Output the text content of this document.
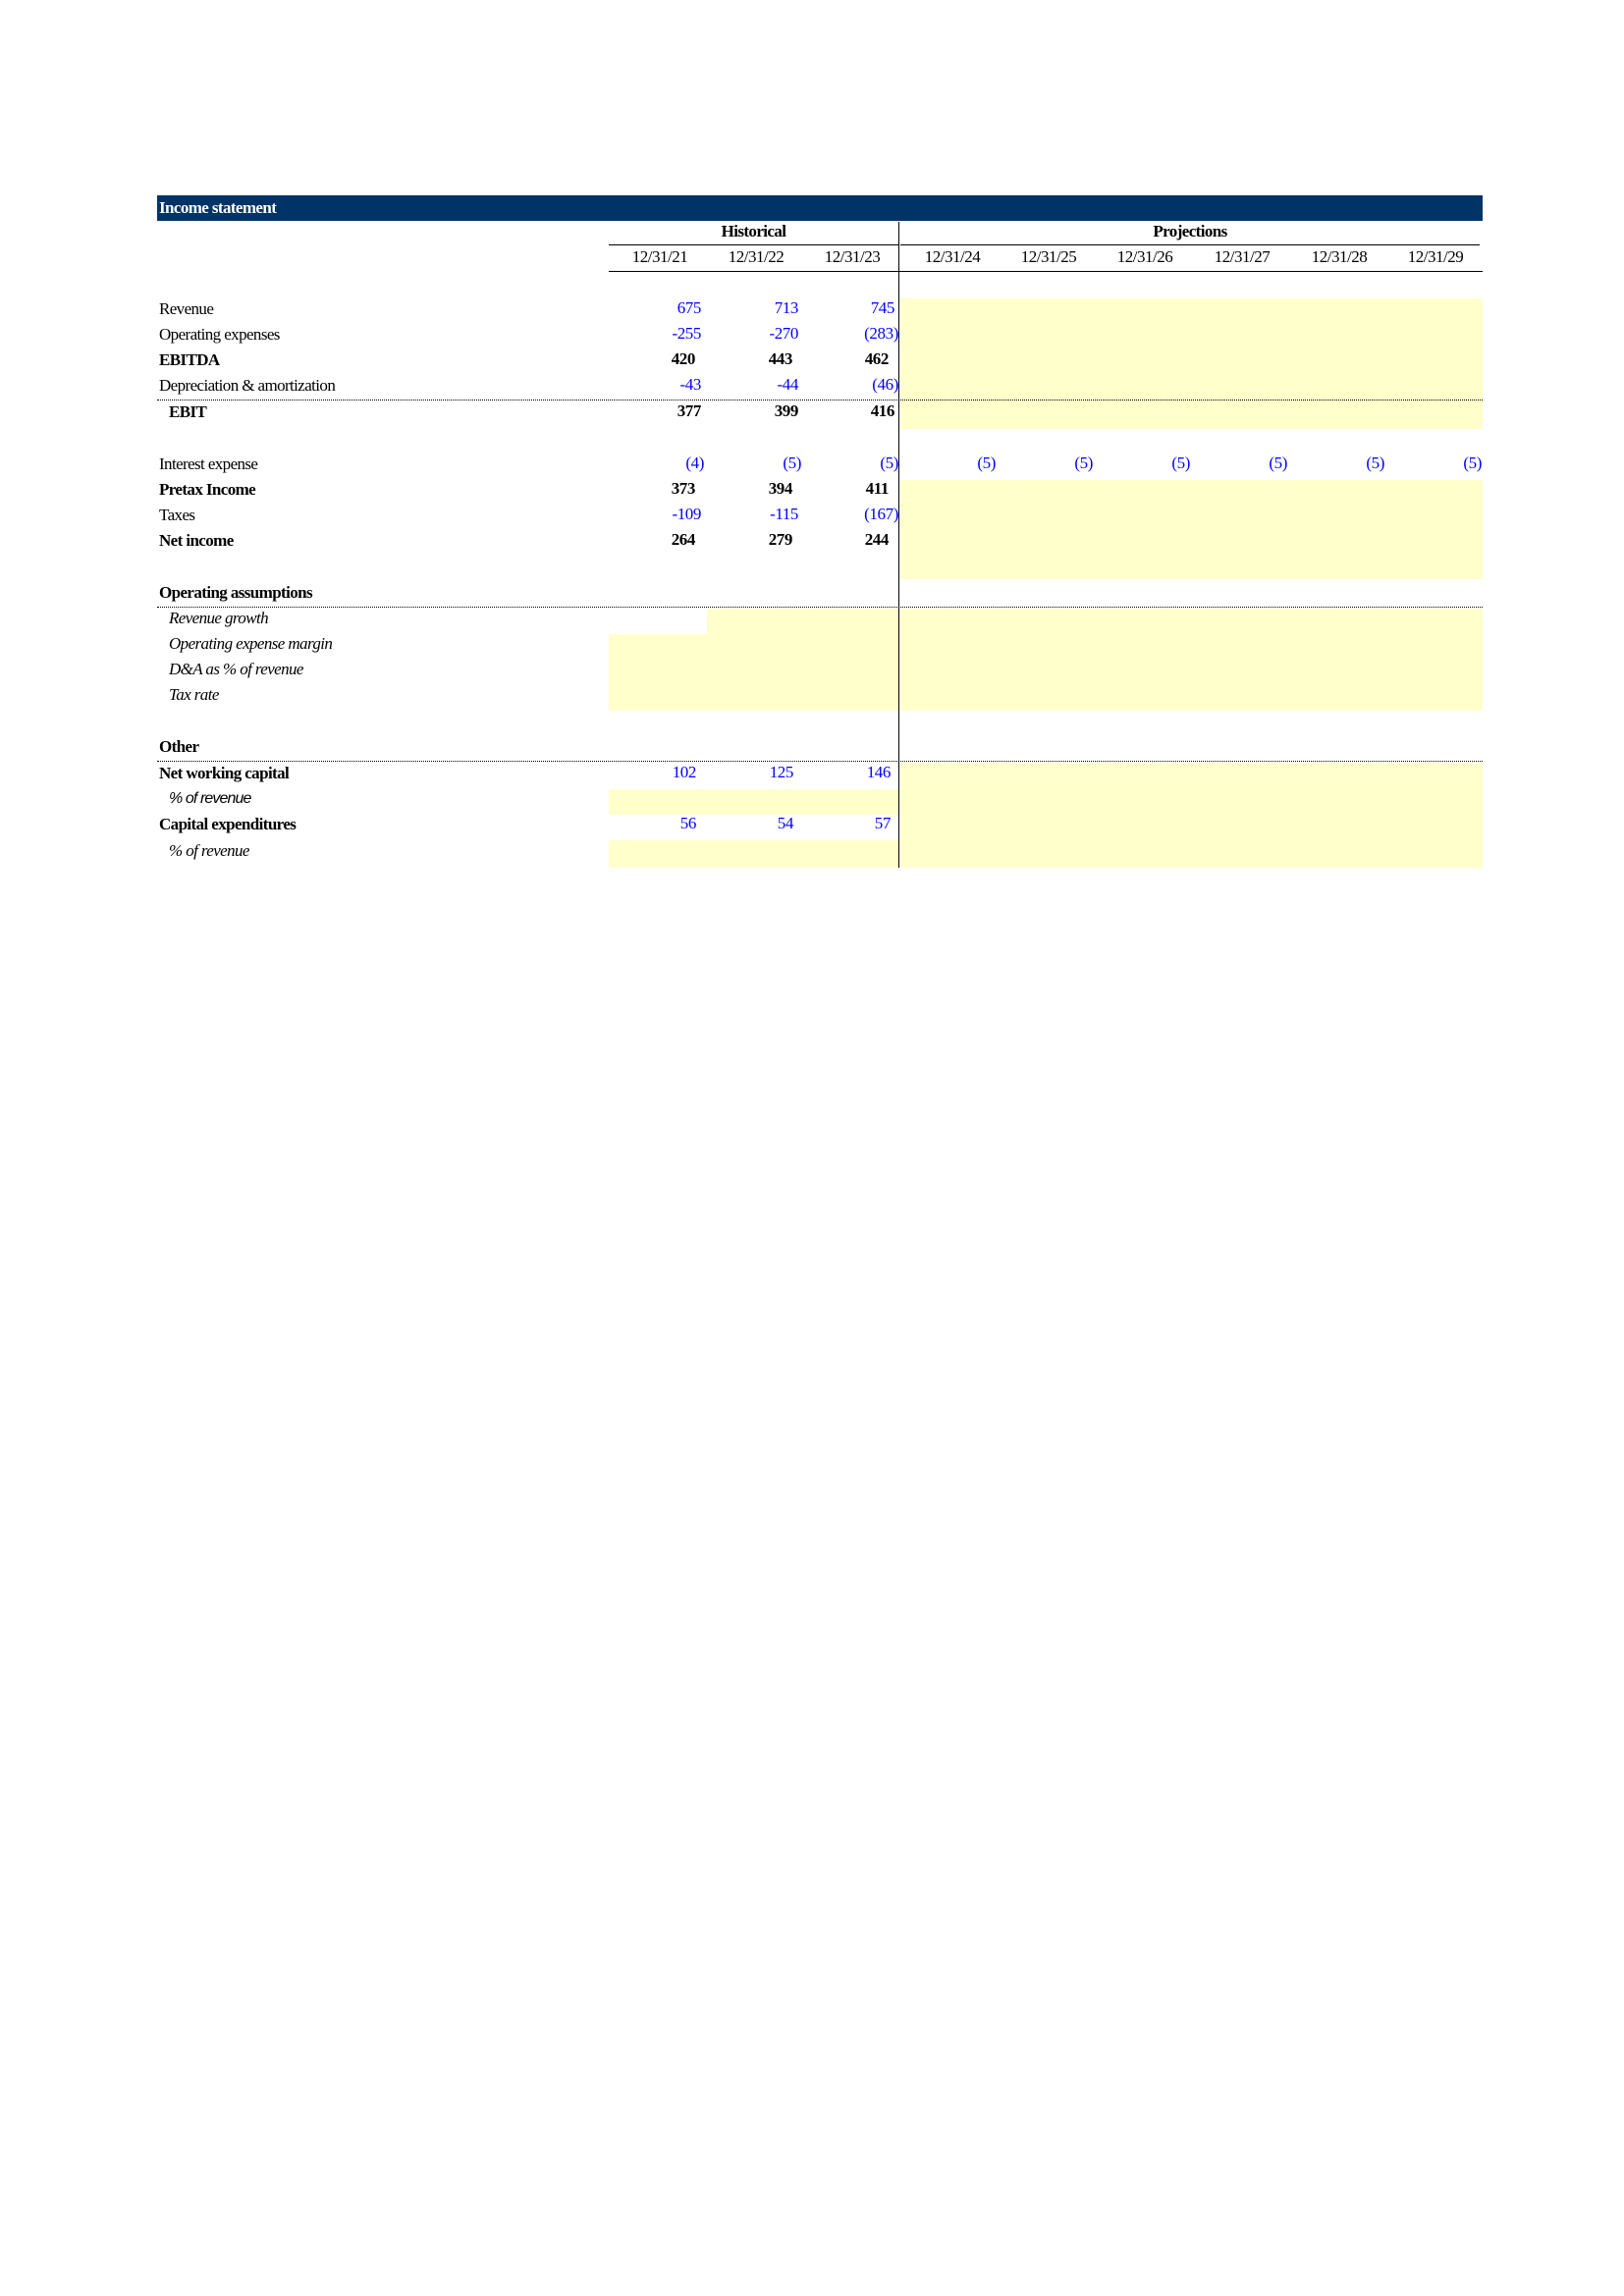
Income statement
Historical	Projections
12/31/21	12/31/22	12/31/23	12/31/24	12/31/25	12/31/26	12/31/27	12/31/28	12/31/29
Revenue	675	713	745
Operating expenses	-255	-270	(283)
EBITDA	420	443	462
Depreciation & amortization	-43	-44	(46)
EBIT	377	399	416
Interest expense	(4)	(5)	(5)	(5)	(5)	(5)	(5)	(5)	(5)
Pretax Income	373	394	411
Taxes	-109	-115	(167)
Net income	264	279	244
Operating assumptions
Revenue growth
Operating expense margin
D&A as % of revenue
Tax rate
Other
Net working capital	102	125	146
% of revenue
Capital expenditures	56	54	57
% of revenue
